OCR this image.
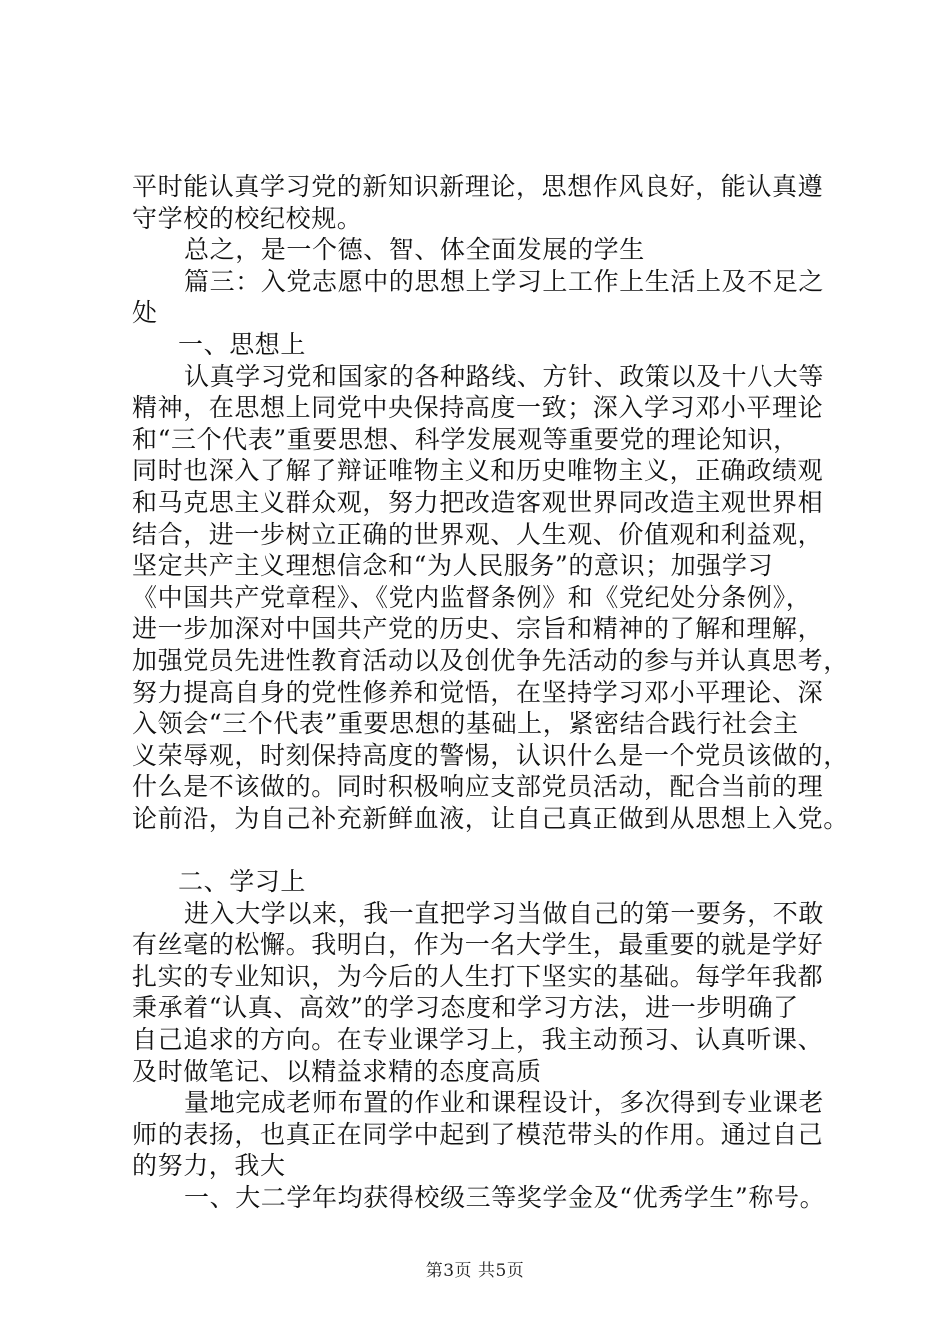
平时能认真学习党的新知识新理论，思想作风良好，能认真遵
守学校的校纪校规。
总之，是一个德、智、体全面发展的学生
篇三：入党志愿中的思想上学习上工作上生活上及不足之
处
一、思想上
认真学习党和国家的各种路线、方针、政策以及十八大等
精神，在思想上同党中央保持高度一致；深入学习邓小平理论
和“三个代表”重要思想、科学发展观等重要党的理论知识，
同时也深入了解了辩证唯物主义和历史唯物主义，正确政绩观
和马克思主义群众观，努力把改造客观世界同改造主观世界相
结合，进一步树立正确的世界观、人生观、价值观和利益观，
坚定共产主义理想信念和“为人民服务”的意识；加强学习
《中国共产党章程》、《党内监督条例》和《党纪处分条例》，
进一步加深对中国共产党的历史、宗旨和精神的了解和理解，
加强党员先进性教育活动以及创优争先活动的参与并认真思考，
努力提高自身的党性修养和觉悟，在坚持学习邓小平理论、深
入领会“三个代表”重要思想的基础上，紧密结合践行社会主
义荣辱观，时刻保持高度的警惕，认识什么是一个党员该做的，
什么是不该做的。同时积极响应支部党员活动，配合当前的理
论前沿，为自己补充新鲜血液，让自己真正做到从思想上入党。
二、学习上
进入大学以来，我一直把学习当做自己的第一要务，不敢
有丝毫的松懈。我明白，作为一名大学生，最重要的就是学好
扎实的专业知识，为今后的人生打下坚实的基础。每学年我都
秉承着“认真、高效”的学习态度和学习方法，进一步明确了
自己追求的方向。在专业课学习上，我主动预习、认真听课、
及时做笔记、以精益求精的态度高质
量地完成老师布置的作业和课程设计，多次得到专业课老
师的表扬，也真正在同学中起到了模范带头的作用。通过自己
的努力，我大
一、大二学年均获得校级三等奖学金及“优秀学生”称号。
第3页 共5页
